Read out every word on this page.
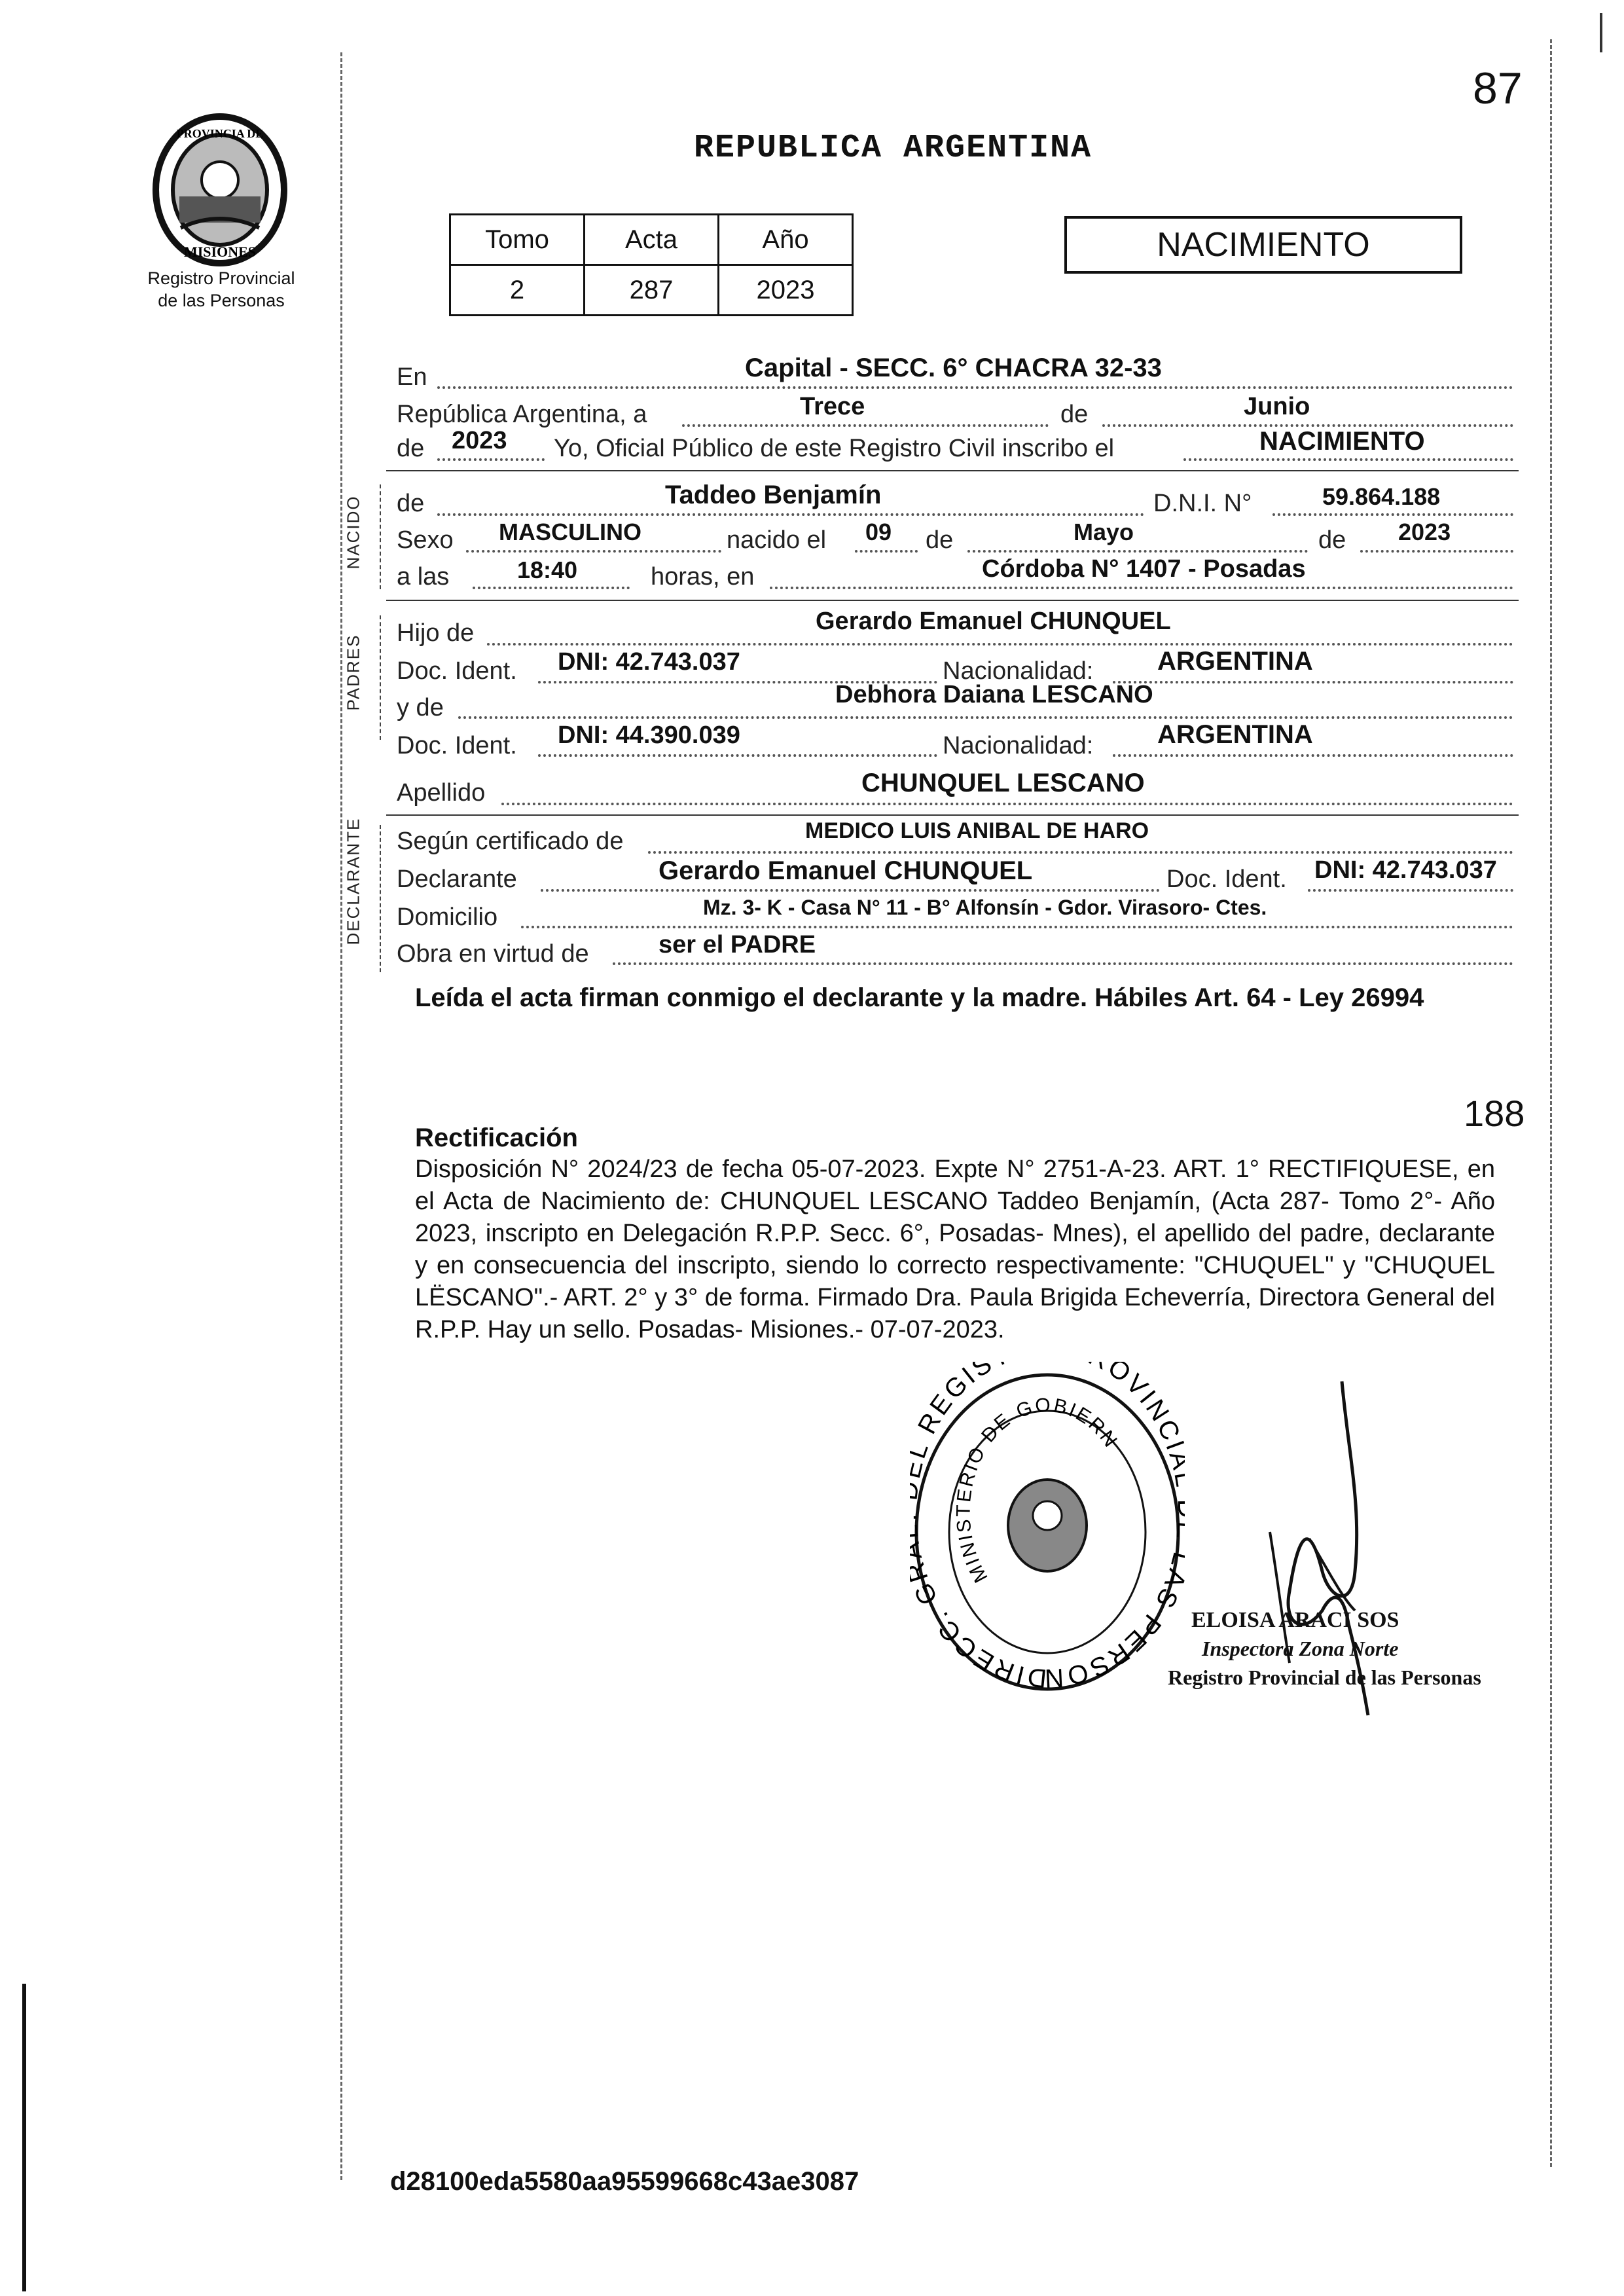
87
PROVINCIA DE
MISIONES
Registro Provincial
de las Personas
REPUBLICA ARGENTINA
Tomo	Acta	Año
2	287	2023
NACIMIENTO
NACIDO
PADRES
DECLARANTE
En	Capital - SECC. 6° CHACRA 32-33
República Argentina, a	Trece	de	Junio
de 2023 Yo, Oficial Público de este Registro Civil inscribo el	NACIMIENTO
de	Taddeo Benjamín	D.N.I. N°	59.864.188
Sexo MASCULINO	nacido el 09 de	Mayo	de 2023
a las	18:40	horas, en	Córdoba N° 1407 - Posadas
Hijo de	Gerardo Emanuel CHUNQUEL
Doc. Ident. DNI: 42.743.037	Nacionalidad: ARGENTINA
y de	Debhora Daiana LESCANO
Doc. Ident. DNI: 44.390.039	Nacionalidad: ARGENTINA
Apellido	CHUNQUEL LESCANO
Según certificado de	MEDICO LUIS ANIBAL DE HARO
Declarante	Gerardo Emanuel CHUNQUEL	Doc. Ident. DNI: 42.743.037
Domicilio	Mz. 3- K - Casa N° 11 - B° Alfonsín - Gdor. Virasoro- Ctes.
Obra en virtud de	ser el PADRE
Leída el acta firman conmigo el declarante y la madre. Hábiles Art. 64 - Ley 26994
188
Rectificación
Disposición N° 2024/23 de fecha 05-07-2023. Expte N° 2751-A-23. ART. 1° RECTIFIQUESE, en el Acta de Nacimiento de: CHUNQUEL LESCANO Taddeo Benjamín, (Acta 287- Tomo 2°- Año 2023, inscripto en Delegación R.P.P. Secc. 6°, Posadas- Mnes), el apellido del padre, declarante y en consecuencia del inscripto, siendo lo correcto respectivamente: "CHUQUEL" y "CHUQUEL LËSCANO".- ART. 2° y 3° de forma. Firmado Dra. Paula Brigida Echeverría, Directora General del R.P.P. Hay un sello. Posadas- Misiones.- 07-07-2023.
DIRECC. G REGIS OVINC S PERSON
MINISTERIO DE GOBIERN
ELOISA ARACI SOS
Inspectora Zona Norte
Registro Provincial de las Personas
d28100eda5580aa95599668c43ae3087
